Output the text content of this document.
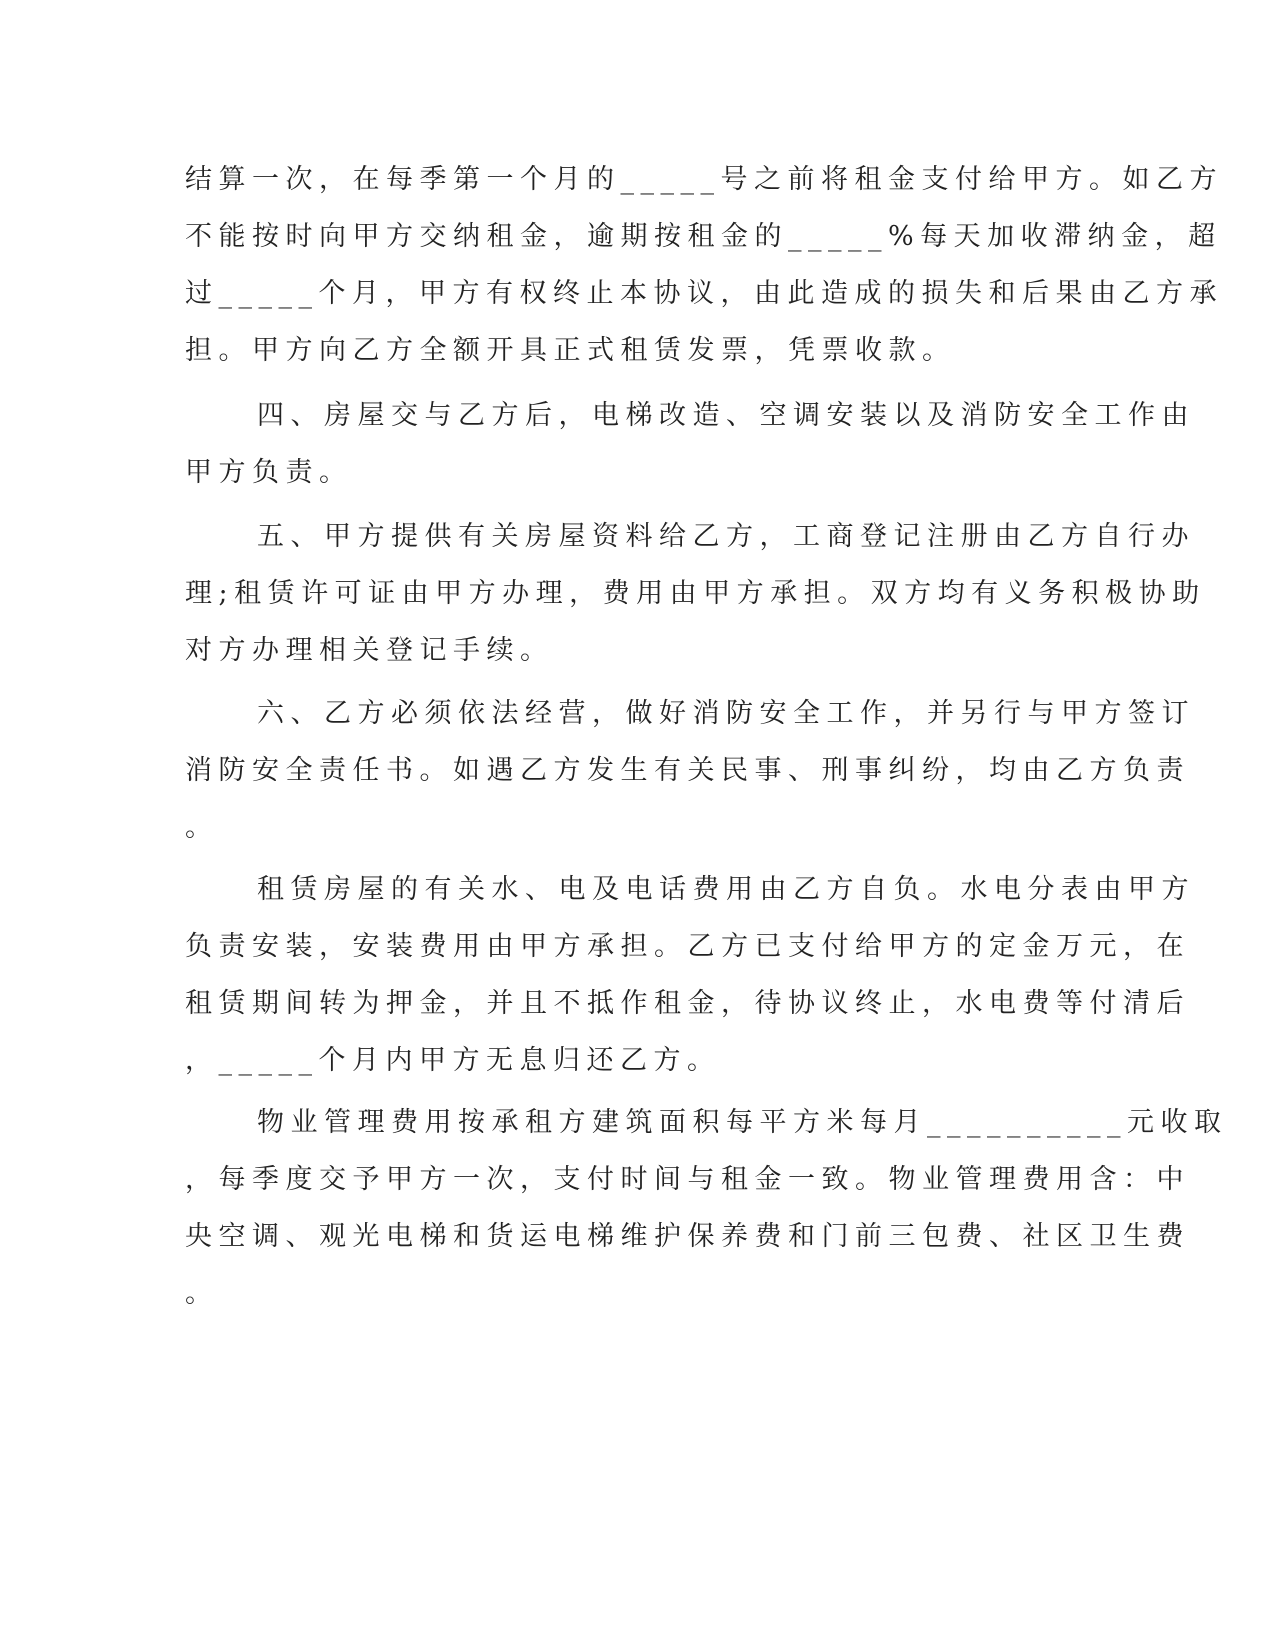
结算一次，在每季第一个月的_____号之前将租金支付给甲方。如乙方
不能按时向甲方交纳租金，逾期按租金的_____%每天加收滞纳金，超
过_____个月，甲方有权终止本协议，由此造成的损失和后果由乙方承
担。甲方向乙方全额开具正式租赁发票，凭票收款。
四、房屋交与乙方后，电梯改造、空调安装以及消防安全工作由
甲方负责。
五、甲方提供有关房屋资料给乙方，工商登记注册由乙方自行办
理;租赁许可证由甲方办理，费用由甲方承担。双方均有义务积极协助
对方办理相关登记手续。
六、乙方必须依法经营，做好消防安全工作，并另行与甲方签订
消防安全责任书。如遇乙方发生有关民事、刑事纠纷，均由乙方负责
。
租赁房屋的有关水、电及电话费用由乙方自负。水电分表由甲方
负责安装，安装费用由甲方承担。乙方已支付给甲方的定金万元，在
租赁期间转为押金，并且不抵作租金，待协议终止，水电费等付清后
，_____个月内甲方无息归还乙方。
物业管理费用按承租方建筑面积每平方米每月__________元收取
，每季度交予甲方一次，支付时间与租金一致。物业管理费用含：中
央空调、观光电梯和货运电梯维护保养费和门前三包费、社区卫生费
。
